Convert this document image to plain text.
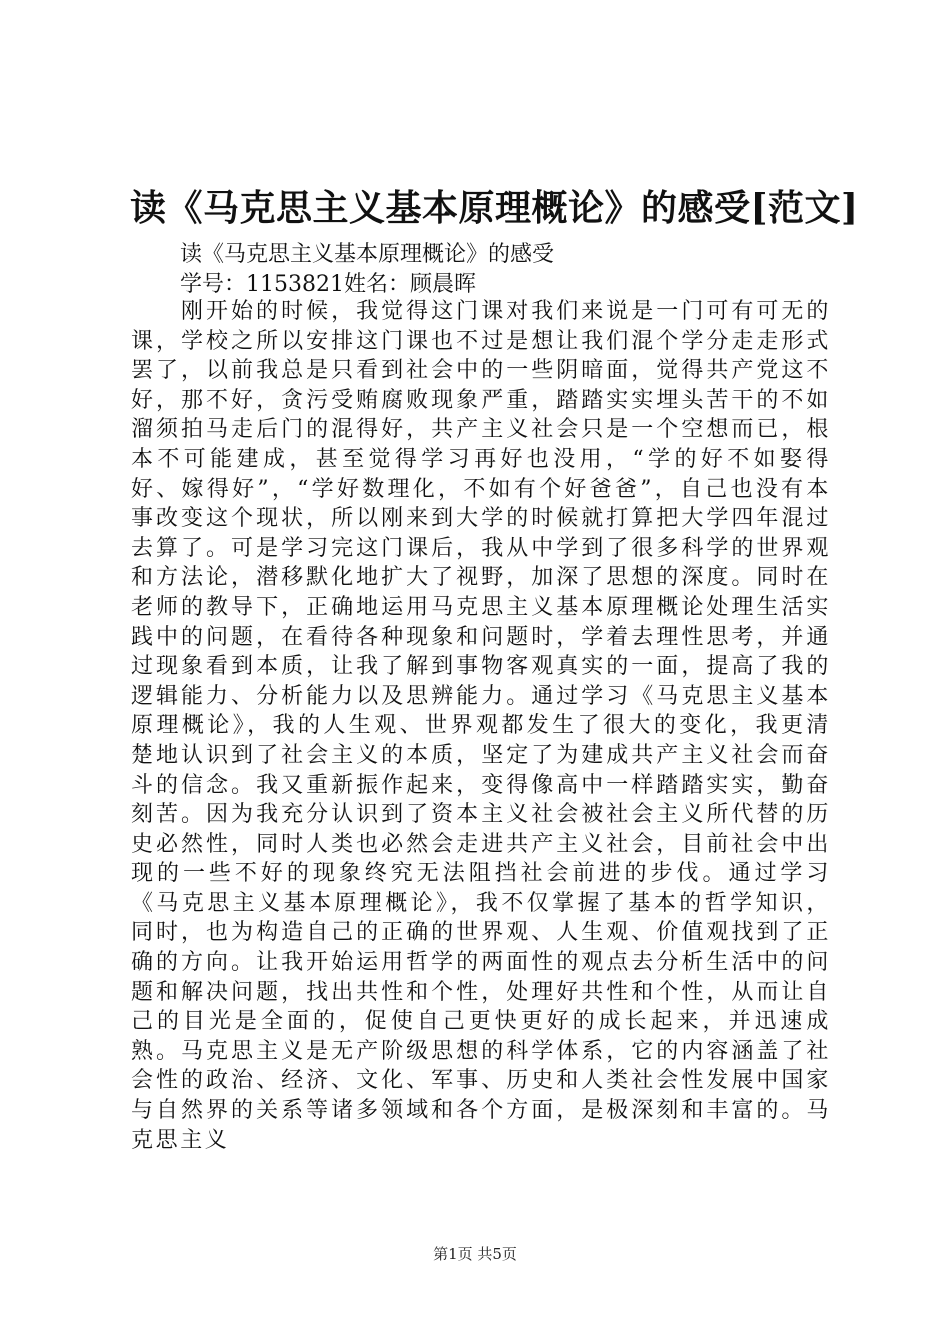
读《马克思主义基本原理概论》的感受[范文]
读《马克思主义基本原理概论》的感受
学号：1153821姓名：顾晨晖

刚开始的时候，我觉得这门课对我们来说是一门可有可无的课，学校之所以安排这门课也不过是想让我们混个学分走走形式罢了，以前我总是只看到社会中的一些阴暗面，觉得共产党这不好，那不好，贪污受贿腐败现象严重，踏踏实实埋头苦干的不如溜须拍马走后门的混得好，共产主义社会只是一个空想而已，根本不可能建成，甚至觉得学习再好也没用，“学的好不如娶得好、嫁得好”，“学好数理化，不如有个好爸爸”，自己也没有本事改变这个现状，所以刚来到大学的时候就打算把大学四年混过去算了。可是学习完这门课后，我从中学到了很多科学的世界观和方法论，潜移默化地扩大了视野，加深了思想的深度。同时在老师的教导下，正确地运用马克思主义基本原理概论处理生活实践中的问题，在看待各种现象和问题时，学着去理性思考，并通过现象看到本质，让我了解到事物客观真实的一面，提高了我的逻辑能力、分析能力以及思辨能力。通过学习《马克思主义基本原理概论》，我的人生观、世界观都发生了很大的变化，我更清楚地认识到了社会主义的本质，坚定了为建成共产主义社会而奋斗的信念。我又重新振作起来，变得像高中一样踏踏实实，勤奋刻苦。因为我充分认识到了资本主义社会被社会主义所代替的历史必然性，同时人类也必然会走进共产主义社会，目前社会中出现的一些不好的现象终究无法阻挡社会前进的步伐。通过学习《马克思主义基本原理概论》，我不仅掌握了基本的哲学知识，同时，也为构造自己的正确的世界观、人生观、价值观找到了正确的方向。让我开始运用哲学的两面性的观点去分析生活中的问题和解决问题，找出共性和个性，处理好共性和个性，从而让自己的目光是全面的，促使自己更快更好的成长起来，并迅速成熟。马克思主义是无产阶级思想的科学体系，它的内容涵盖了社会性的政治、经济、文化、军事、历史和人类社会性发展中国家与自然界的关系等诸多领域和各个方面，是极深刻和丰富的。马克思主义

第1页 共5页
